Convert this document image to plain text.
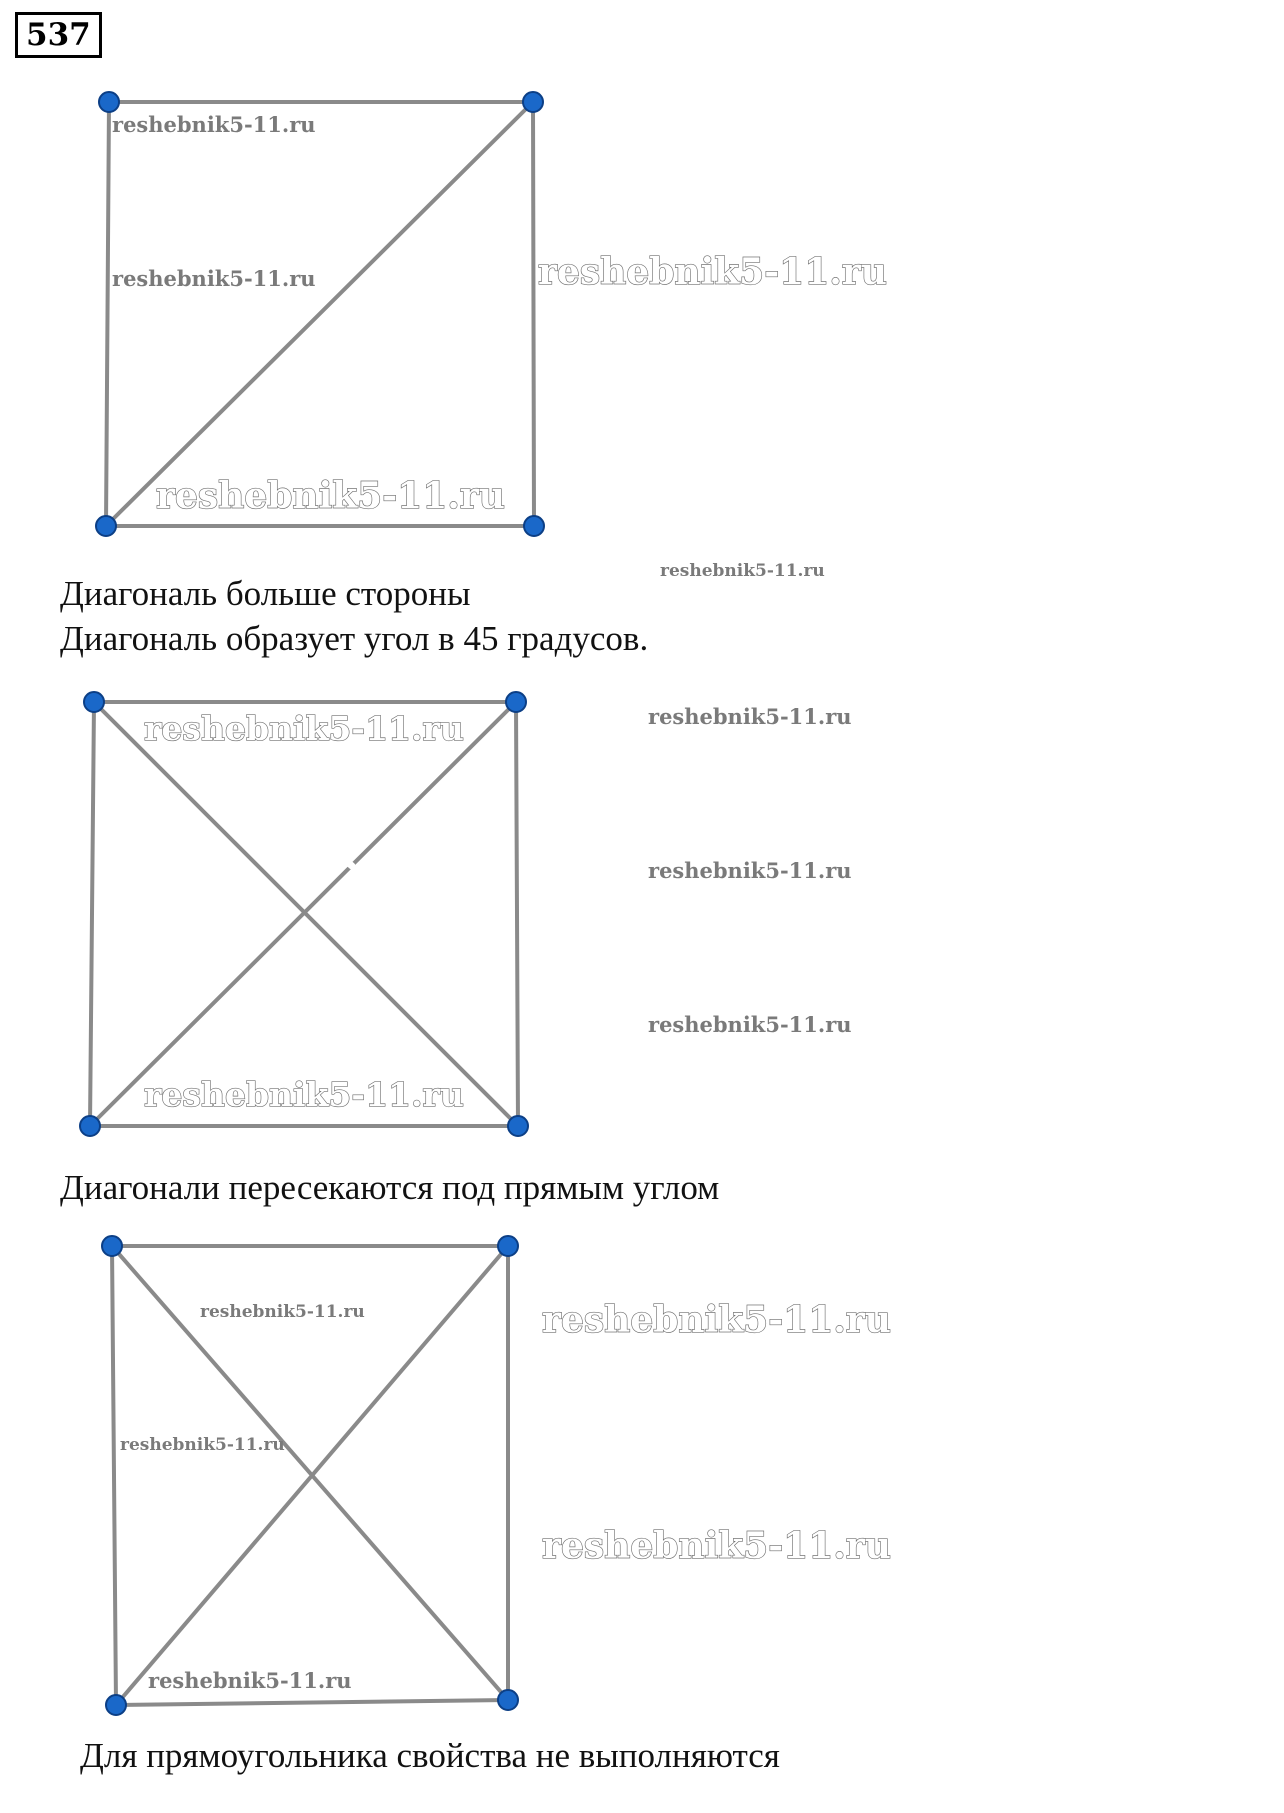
537
reshebnik5-11.ru
reshebnik5-11.ru	reshebnik5-11.ru
reshebnik5-11.ru
reshebnik5-11.ru
reshebnik5-11.ru
reshebnik5-11.ru
reshebnik5-11.ru
reshebnik5-11.ru
reshebnik5-11.ru
reshebnik5-11.ru
reshebnik5-11.ru
reshebnik5-11.ru
reshebnik5-11.ru
reshebnik5-11.ru
Диагональ больше стороны
Диагональ образует угол в 45 градусов.
Диагонали пересекаются под прямым углом
Для прямоугольника свойства не выполняются
